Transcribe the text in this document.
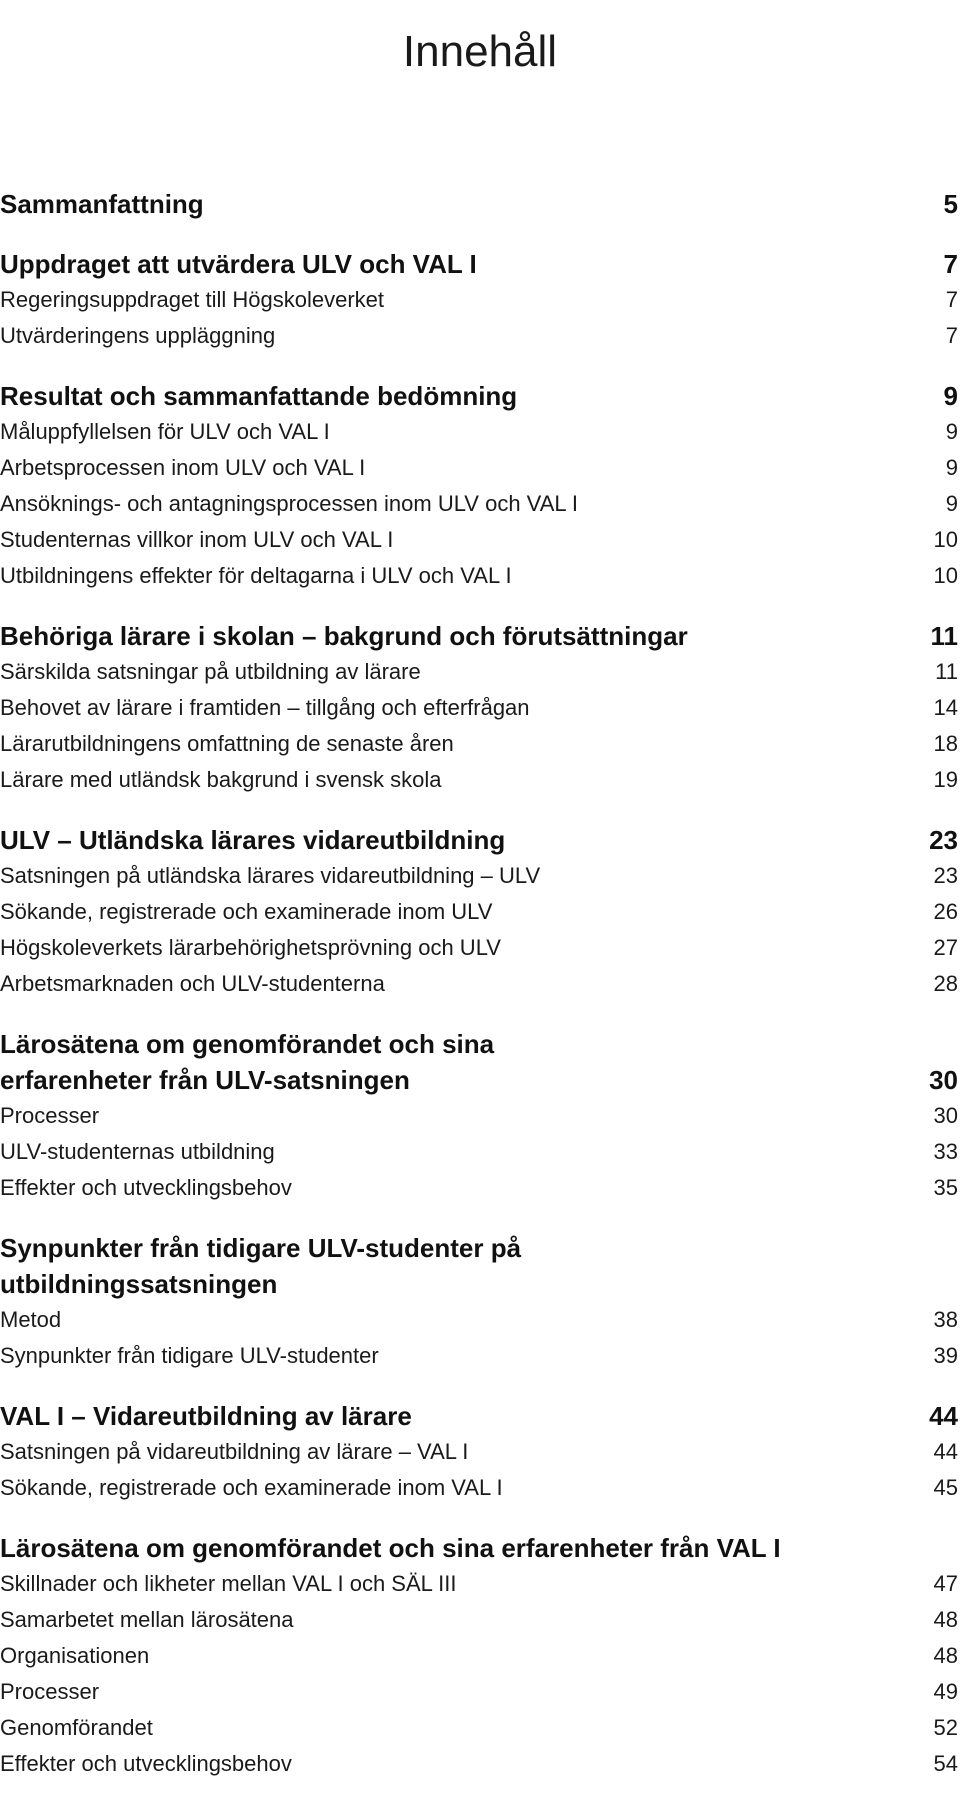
Innehåll
Sammanfattning	5
Uppdraget att utvärdera ULV och VAL I	7
Regeringsuppdraget till Högskoleverket	7
Utvärderingens uppläggning	7
Resultat och sammanfattande bedömning	9
Måluppfyllelsen för ULV och VAL I	9
Arbetsprocessen inom ULV och VAL I	9
Ansöknings- och antagningsprocessen inom ULV och VAL I	9
Studenternas villkor inom ULV och VAL I	10
Utbildningens effekter för deltagarna i ULV och VAL I	10
Behöriga lärare i skolan – bakgrund och förutsättningar	11
Särskilda satsningar på utbildning av lärare	11
Behovet av lärare i framtiden – tillgång och efterfrågan	14
Lärarutbildningens omfattning de senaste åren	18
Lärare med utländsk bakgrund i svensk skola	19
ULV – Utländska lärares vidareutbildning	23
Satsningen på utländska lärares vidareutbildning – ULV	23
Sökande, registrerade och examinerade inom ULV	26
Högskoleverkets lärarbehörighetsprövning och ULV	27
Arbetsmarknaden och ULV-studenterna	28
Lärosätena om genomförandet och sina erfarenheter från ULV-satsningen	30
Processer	30
ULV-studenternas utbildning	33
Effekter och utvecklingsbehov	35
Synpunkter från tidigare ULV-studenter på utbildningssatsningen
Metod	38
Synpunkter från tidigare ULV-studenter	39
VAL I – Vidareutbildning av lärare	44
Satsningen på vidareutbildning av lärare – VAL I	44
Sökande, registrerade och examinerade inom VAL I	45
Lärosätena om genomförandet och sina erfarenheter från VAL I
Skillnader och likheter mellan VAL I och SÄL III	47
Samarbetet mellan lärosätena	48
Organisationen	48
Processer	49
Genomförandet	52
Effekter och utvecklingsbehov	54
